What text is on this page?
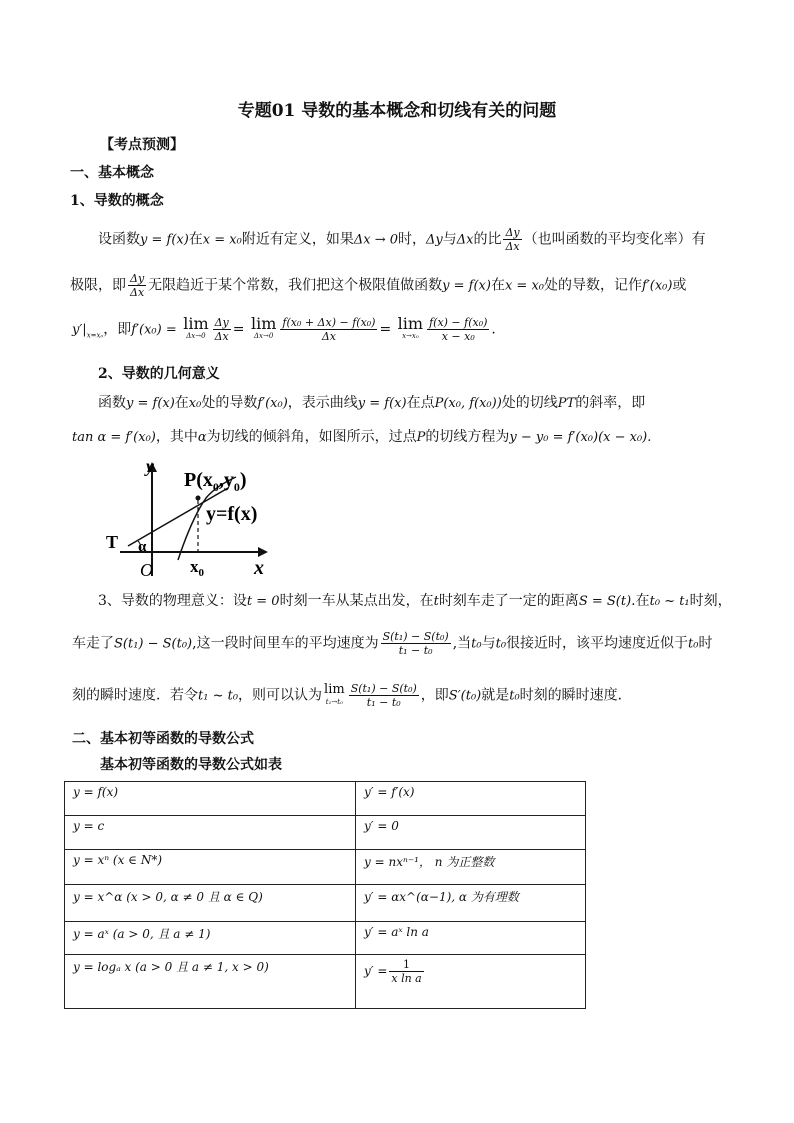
专题01 导数的基本概念和切线有关的问题
【考点预测】
一、基本概念
1、导数的概念
设函数y = f(x)在x = x₀附近有定义，如果Δx → 0时，Δy与Δx的比 $\frac{\Delta y}{\Delta x}$ （也叫函数的平均变化率）有
极限，即 $\frac{\Delta y}{\Delta x}$ 无限趋近于某个常数，我们把这个极限值做函数y = f(x)在x = x₀处的导数，记作f′(x₀)或
$y'|_{x=x_0}$，即f′(x₀) = lim
$\Delta x\to 0 \frac{\Delta y}{\Delta x} = \lim$
$\Delta x\to 0 \frac{\text{f(x₀ + Δx) − f(x₀)}}{\Delta x} = \lim$
$x\to x_0 \frac{\text{f(x) − f(x₀)}}{\text{x − x₀}}$ .
2、导数的几何意义
函数y = f(x)在x₀处的导数f′(x₀)，表示曲线y = f(x)在点P(x₀, f(x₀))处的切线PT的斜率，即
tan α = f′(x₀)，其中α为切线的倾斜角，如图所示，过点P的切线方程为y − y₀ = f′(x₀)(x − x₀).
y
x
O
T α
$P(x_0,y_0)$
y=f(x)
$x_0$
3、导数的物理意义：设t = 0时刻一车从某点出发，在t时刻车走了一定的距离S = S(t).在t₀ ~ t₁时刻，
车走了S(t₁) − S(t₀),这一段时间里车的平均速度为 $\frac{\text{S(t₁) − S(t₀)}}{\text{t₁ − t₀}}$ ,当t₀与t₀很接近时，该平均速度近似于t₀时
刻的瞬时速度．若令t₁ ~ t₀，则可以认为 lim
$t_1\to t_0 \frac{\text{S(t₁) − S(t₀)}}{\text{t₁ − t₀}}$ ，即S′(t₀)就是t₀时刻的瞬时速度．
二、基本初等函数的导数公式
基本初等函数的导数公式如表
y = f(x)	y′ = f′(x)
y = c	y′ = 0
y = xⁿ (x ∈ N*)	y = nxⁿ⁻¹， n 为正整数
y = x^α (x > 0, α ≠ 0 且 α ∈ Q)	y′ = αx^(α−1), α 为有理数
y = aˣ (a > 0, 且 a ≠ 1)	y′ = aˣ ln a
y = logₐ x (a > 0 且 a ≠ 1, x > 0)	$y' = \frac{1}{\text{x ln a}}$
